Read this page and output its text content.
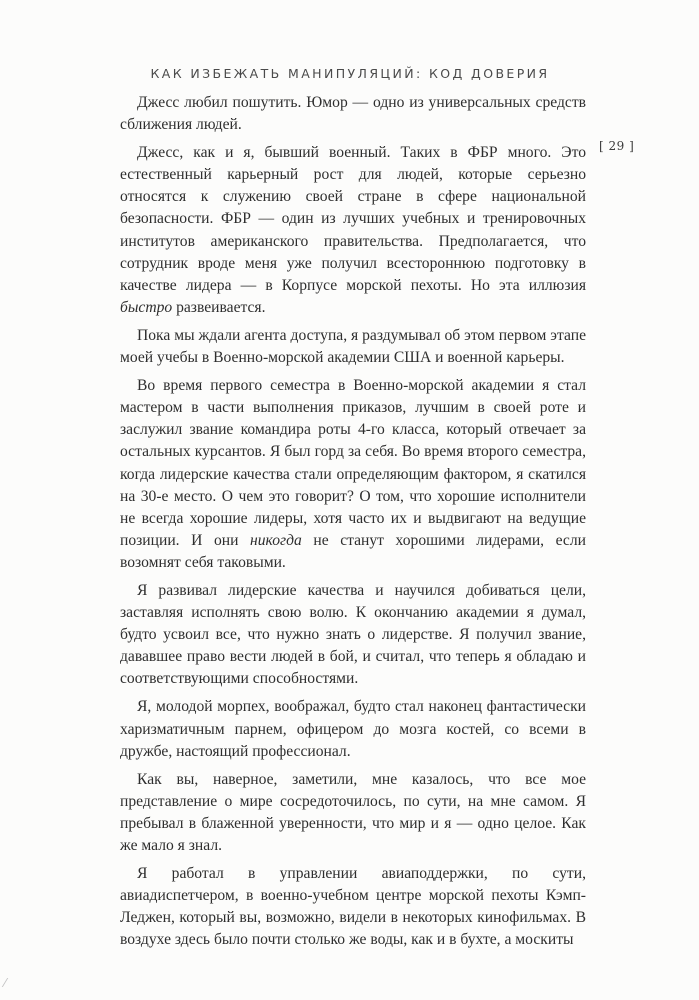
КАК ИЗБЕЖАТЬ МАНИПУЛЯЦИЙ: КОД ДОВЕРИЯ
[ 29 ]

Джесс любил пошутить. Юмор — одно из универсальных средств сближения людей.

Джесс, как и я, бывший военный. Таких в ФБР много. Это естественный карьерный рост для людей, которые серьезно относятся к служению своей стране в сфере национальной безопасности. ФБР — один из лучших учебных и тренировочных институтов американского правительства. Предполагается, что сотрудник вроде меня уже получил всестороннюю подготовку в качестве лидера — в Корпусе морской пехоты. Но эта иллюзия быстро развеивается.

Пока мы ждали агента доступа, я раздумывал об этом первом этапе моей учебы в Военно-морской академии США и военной карьеры.

Во время первого семестра в Военно-морской академии я стал мастером в части выполнения приказов, лучшим в своей роте и заслужил звание командира роты 4-го класса, который отвечает за остальных курсантов. Я был горд за себя. Во время второго семестра, когда лидерские качества стали определяющим фактором, я скатился на 30-е место. О чем это говорит? О том, что хорошие исполнители не всегда хорошие лидеры, хотя часто их и выдвигают на ведущие позиции. И они никогда не станут хорошими лидерами, если возомнят себя таковыми.

Я развивал лидерские качества и научился добиваться цели, заставляя исполнять свою волю. К окончанию академии я думал, будто усвоил все, что нужно знать о лидерстве. Я получил звание, дававшее право вести людей в бой, и считал, что теперь я обладаю и соответствующими способностями.

Я, молодой морпех, воображал, будто стал наконец фантастически харизматичным парнем, офицером до мозга костей, со всеми в дружбе, настоящий профессионал.

Как вы, наверное, заметили, мне казалось, что все мое представление о мире сосредоточилось, по сути, на мне самом. Я пребывал в блаженной уверенности, что мир и я — одно целое. Как же мало я знал.

Я работал в управлении авиаподдержки, по сути, авиадиспетчером, в военно-учебном центре морской пехоты Кэмп-Леджен, который вы, возможно, видели в некоторых кинофильмах. В воздухе здесь было почти столько же воды, как и в бухте, а москиты

⁄
